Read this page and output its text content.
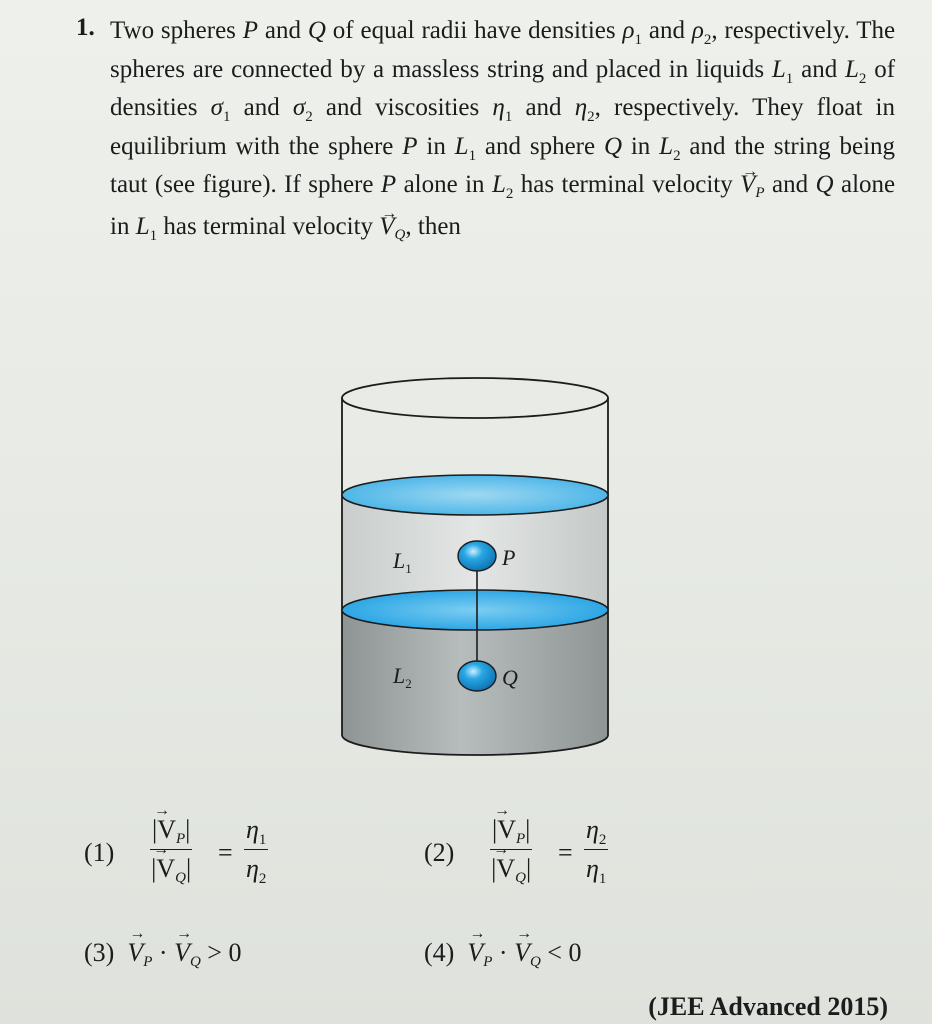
1. Two spheres P and Q of equal radii have densities $\rho_1$ and $\rho_2$, respectively. The spheres are connected by a massless string and placed in liquids $L_1$ and $L_2$ of densities $\sigma_1$ and $\sigma_2$ and viscosities $\eta_1$ and $\eta_2$, respectively. They float in equilibrium with the sphere P in $L_1$ and sphere Q in $L_2$ and the string being taut (see figure). If sphere P alone in $L_2$ has terminal velocity → $V_P$ and Q alone in $L_1$ has terminal velocity → $V_Q$, then

$L_1$	P
$L_2$	Q
(1) → |VP|
→ $|VQ| = \frac{\eta_1}{\eta_2}$	(2) → |VP|
→ $|VQ| = \frac{\eta_2}{\eta_1}$
(3) → VP · → VQ > 0	(4) → VP · → VQ < 0
(JEE Advanced 2015)
